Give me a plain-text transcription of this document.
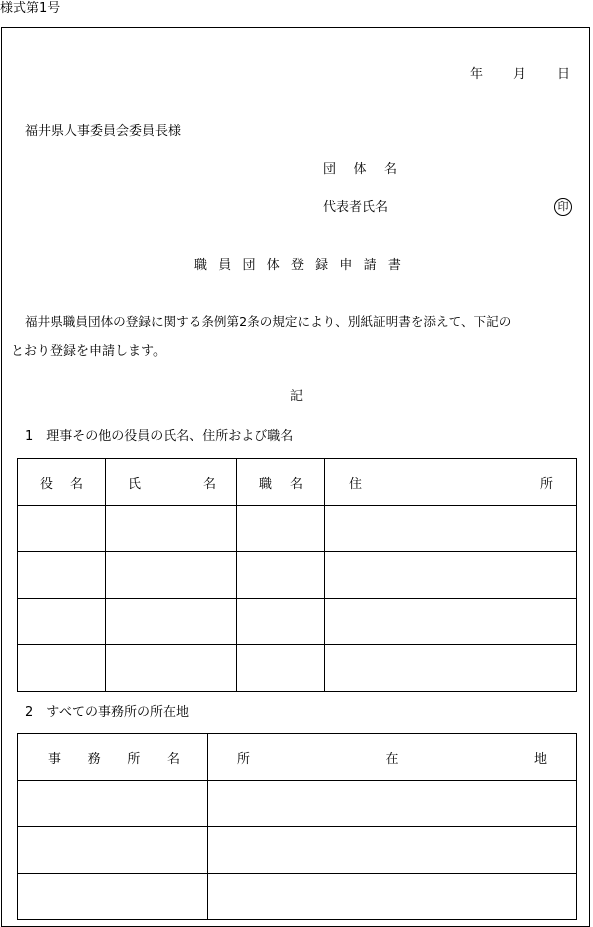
様式第1号
年 月 日
福井県人事委員会委員長様
団 体 名
代表者氏名	印
職 員 団 体 登 録 申 請 書
福井県職員団体の登録に関する条例第2条の規定により、別紙証明書を添えて、下記の
とおり登録を申請します。
記
1　理事その他の役員の氏名、住所および職名
役 名	氏 名	職 名	住 所

2　すべての事務所の所在地
事 務 所 名	所 在 地
